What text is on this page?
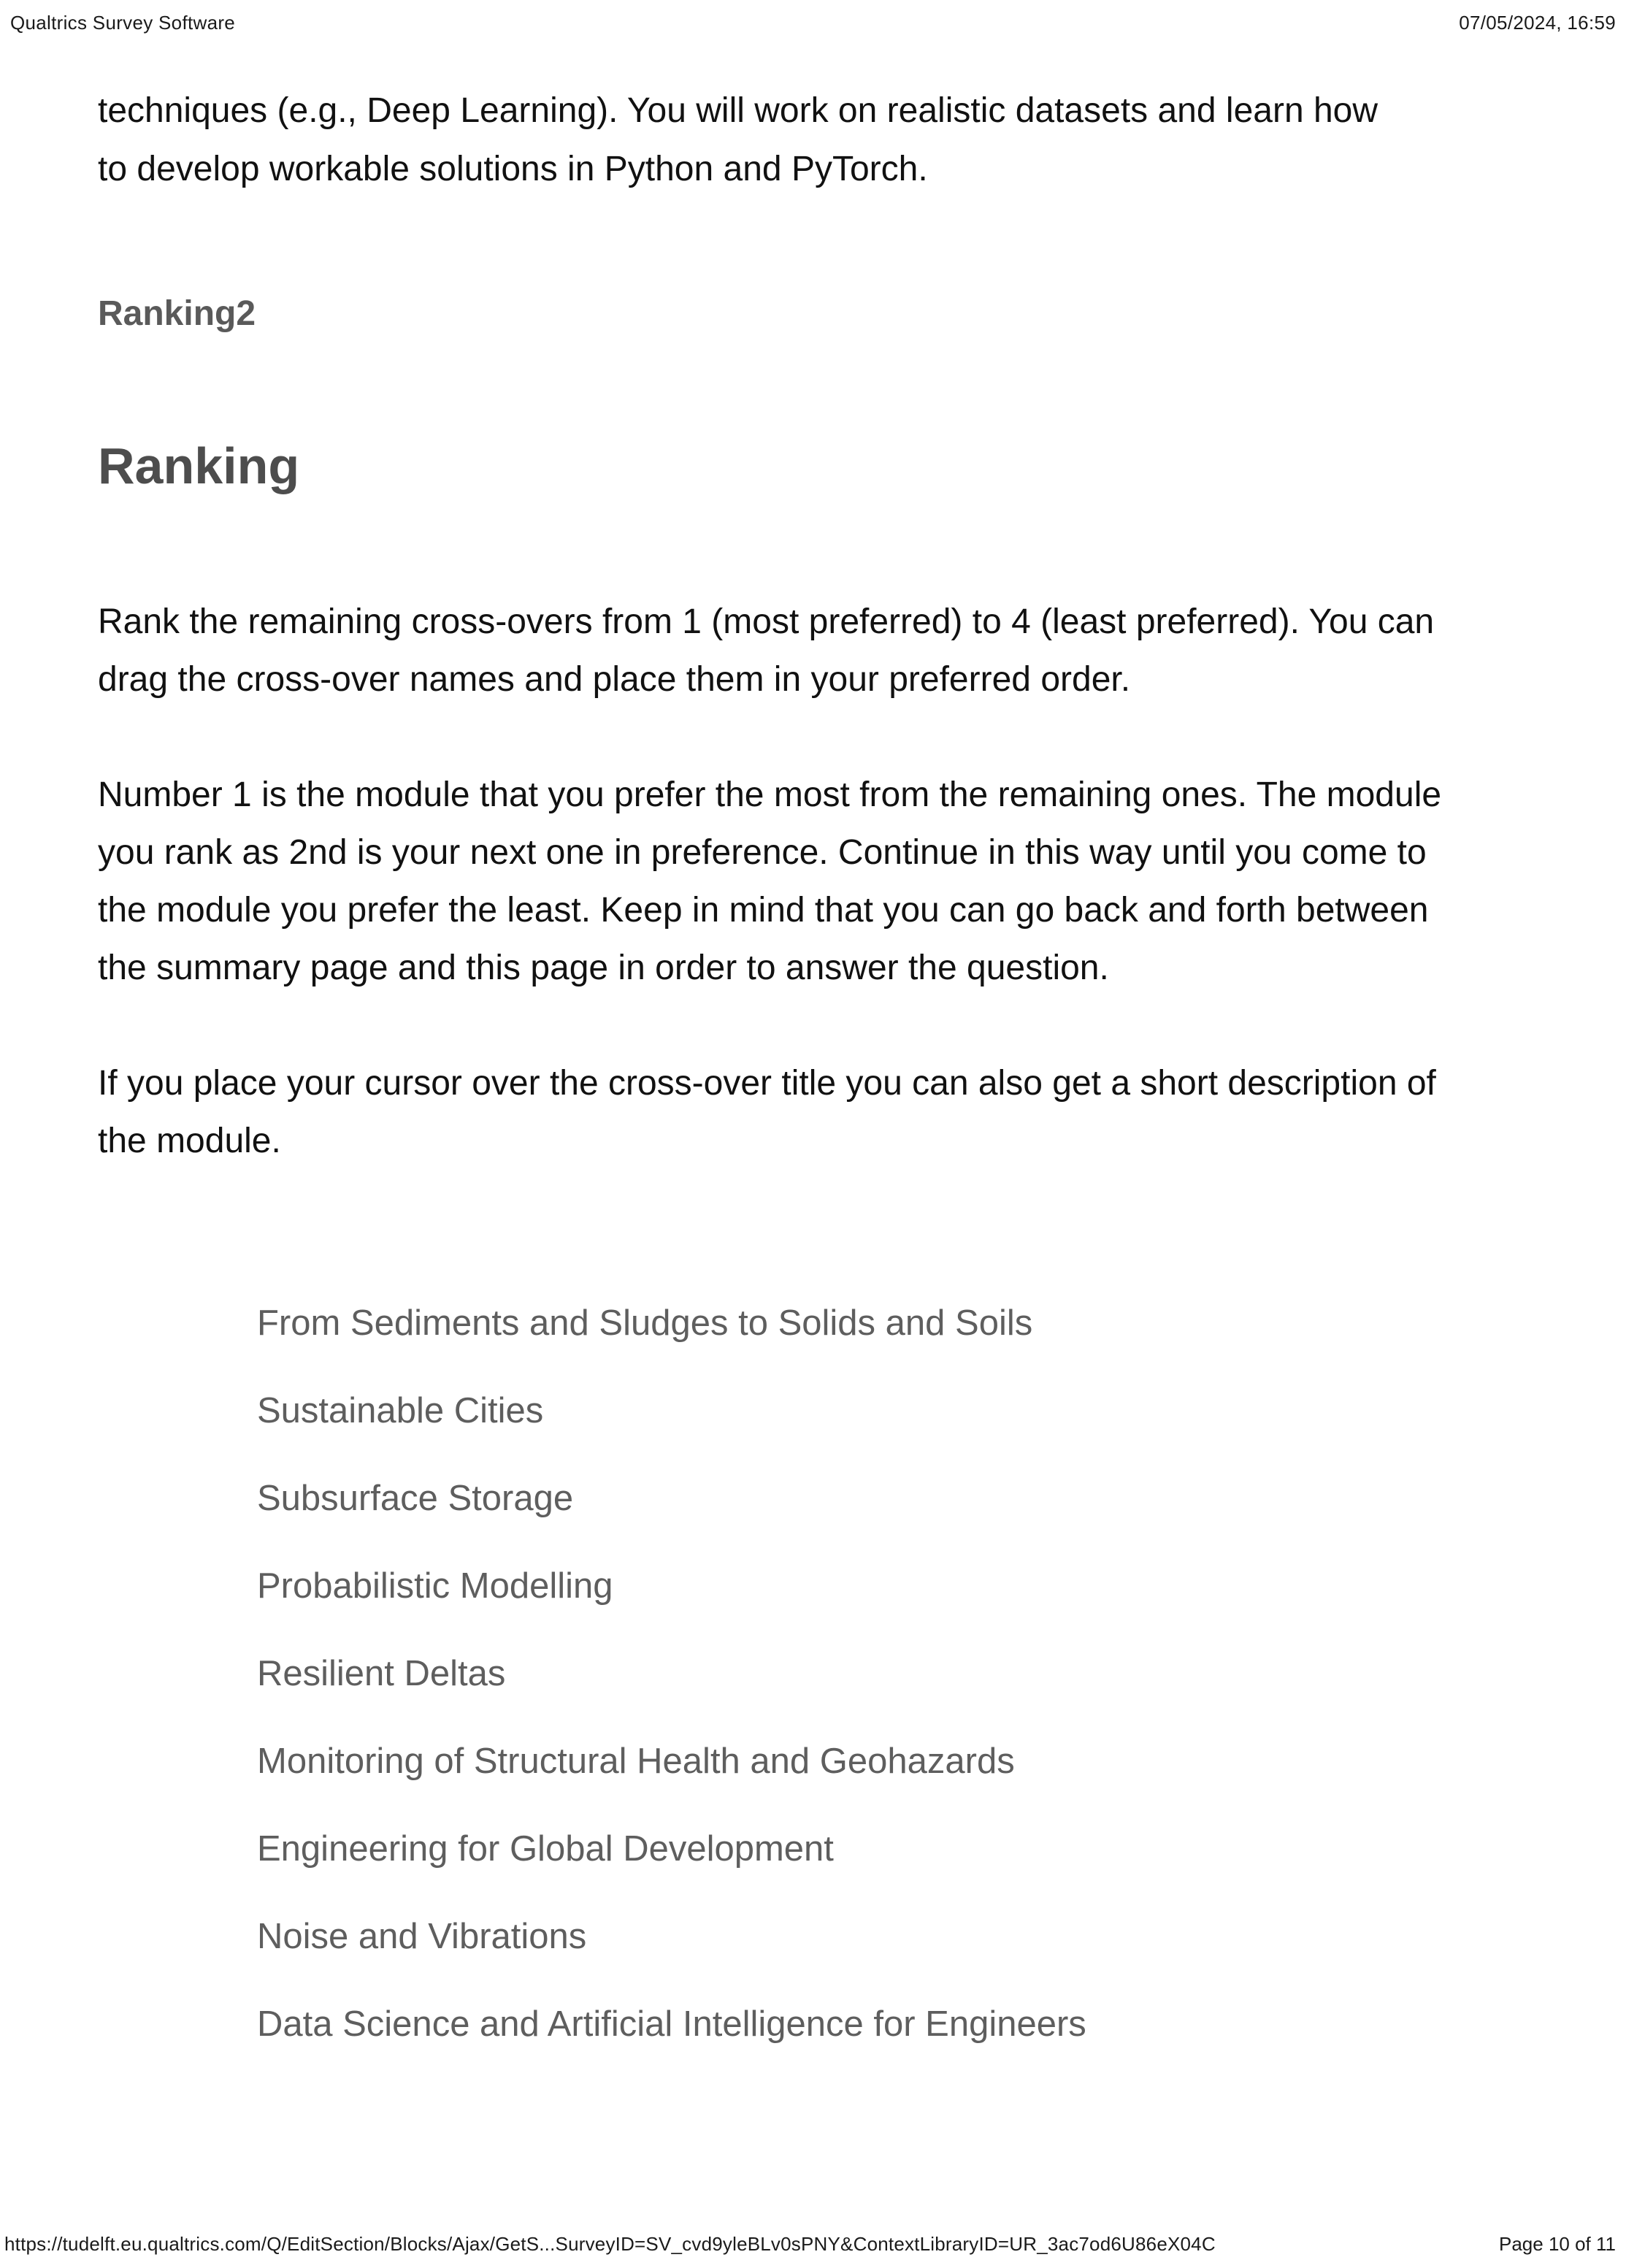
Qualtrics Survey Software	07/05/2024, 16:59

techniques (e.g., Deep Learning). You will work on realistic datasets and learn how
to develop workable solutions in Python and PyTorch.

Ranking2
Ranking

Rank the remaining cross-overs from 1 (most preferred) to 4 (least preferred). You can
drag the cross-over names and place them in your preferred order.

Number 1 is the module that you prefer the most from the remaining ones. The module
you rank as 2nd is your next one in preference. Continue in this way until you come to
the module you prefer the least. Keep in mind that you can go back and forth between
the summary page and this page in order to answer the question.

If you place your cursor over the cross-over title you can also get a short description of
the module.

From Sediments and Sludges to Solids and Soils
Sustainable Cities
Subsurface Storage
Probabilistic Modelling
Resilient Deltas
Monitoring of Structural Health and Geohazards
Engineering for Global Development
Noise and Vibrations
Data Science and Artificial Intelligence for Engineers
https://tudelft.eu.qualtrics.com/Q/EditSection/Blocks/Ajax/GetS...SurveyID=SV_cvd9yleBLv0sPNY&ContextLibraryID=UR_3ac7od6U86eX04C	Page 10 of 11
